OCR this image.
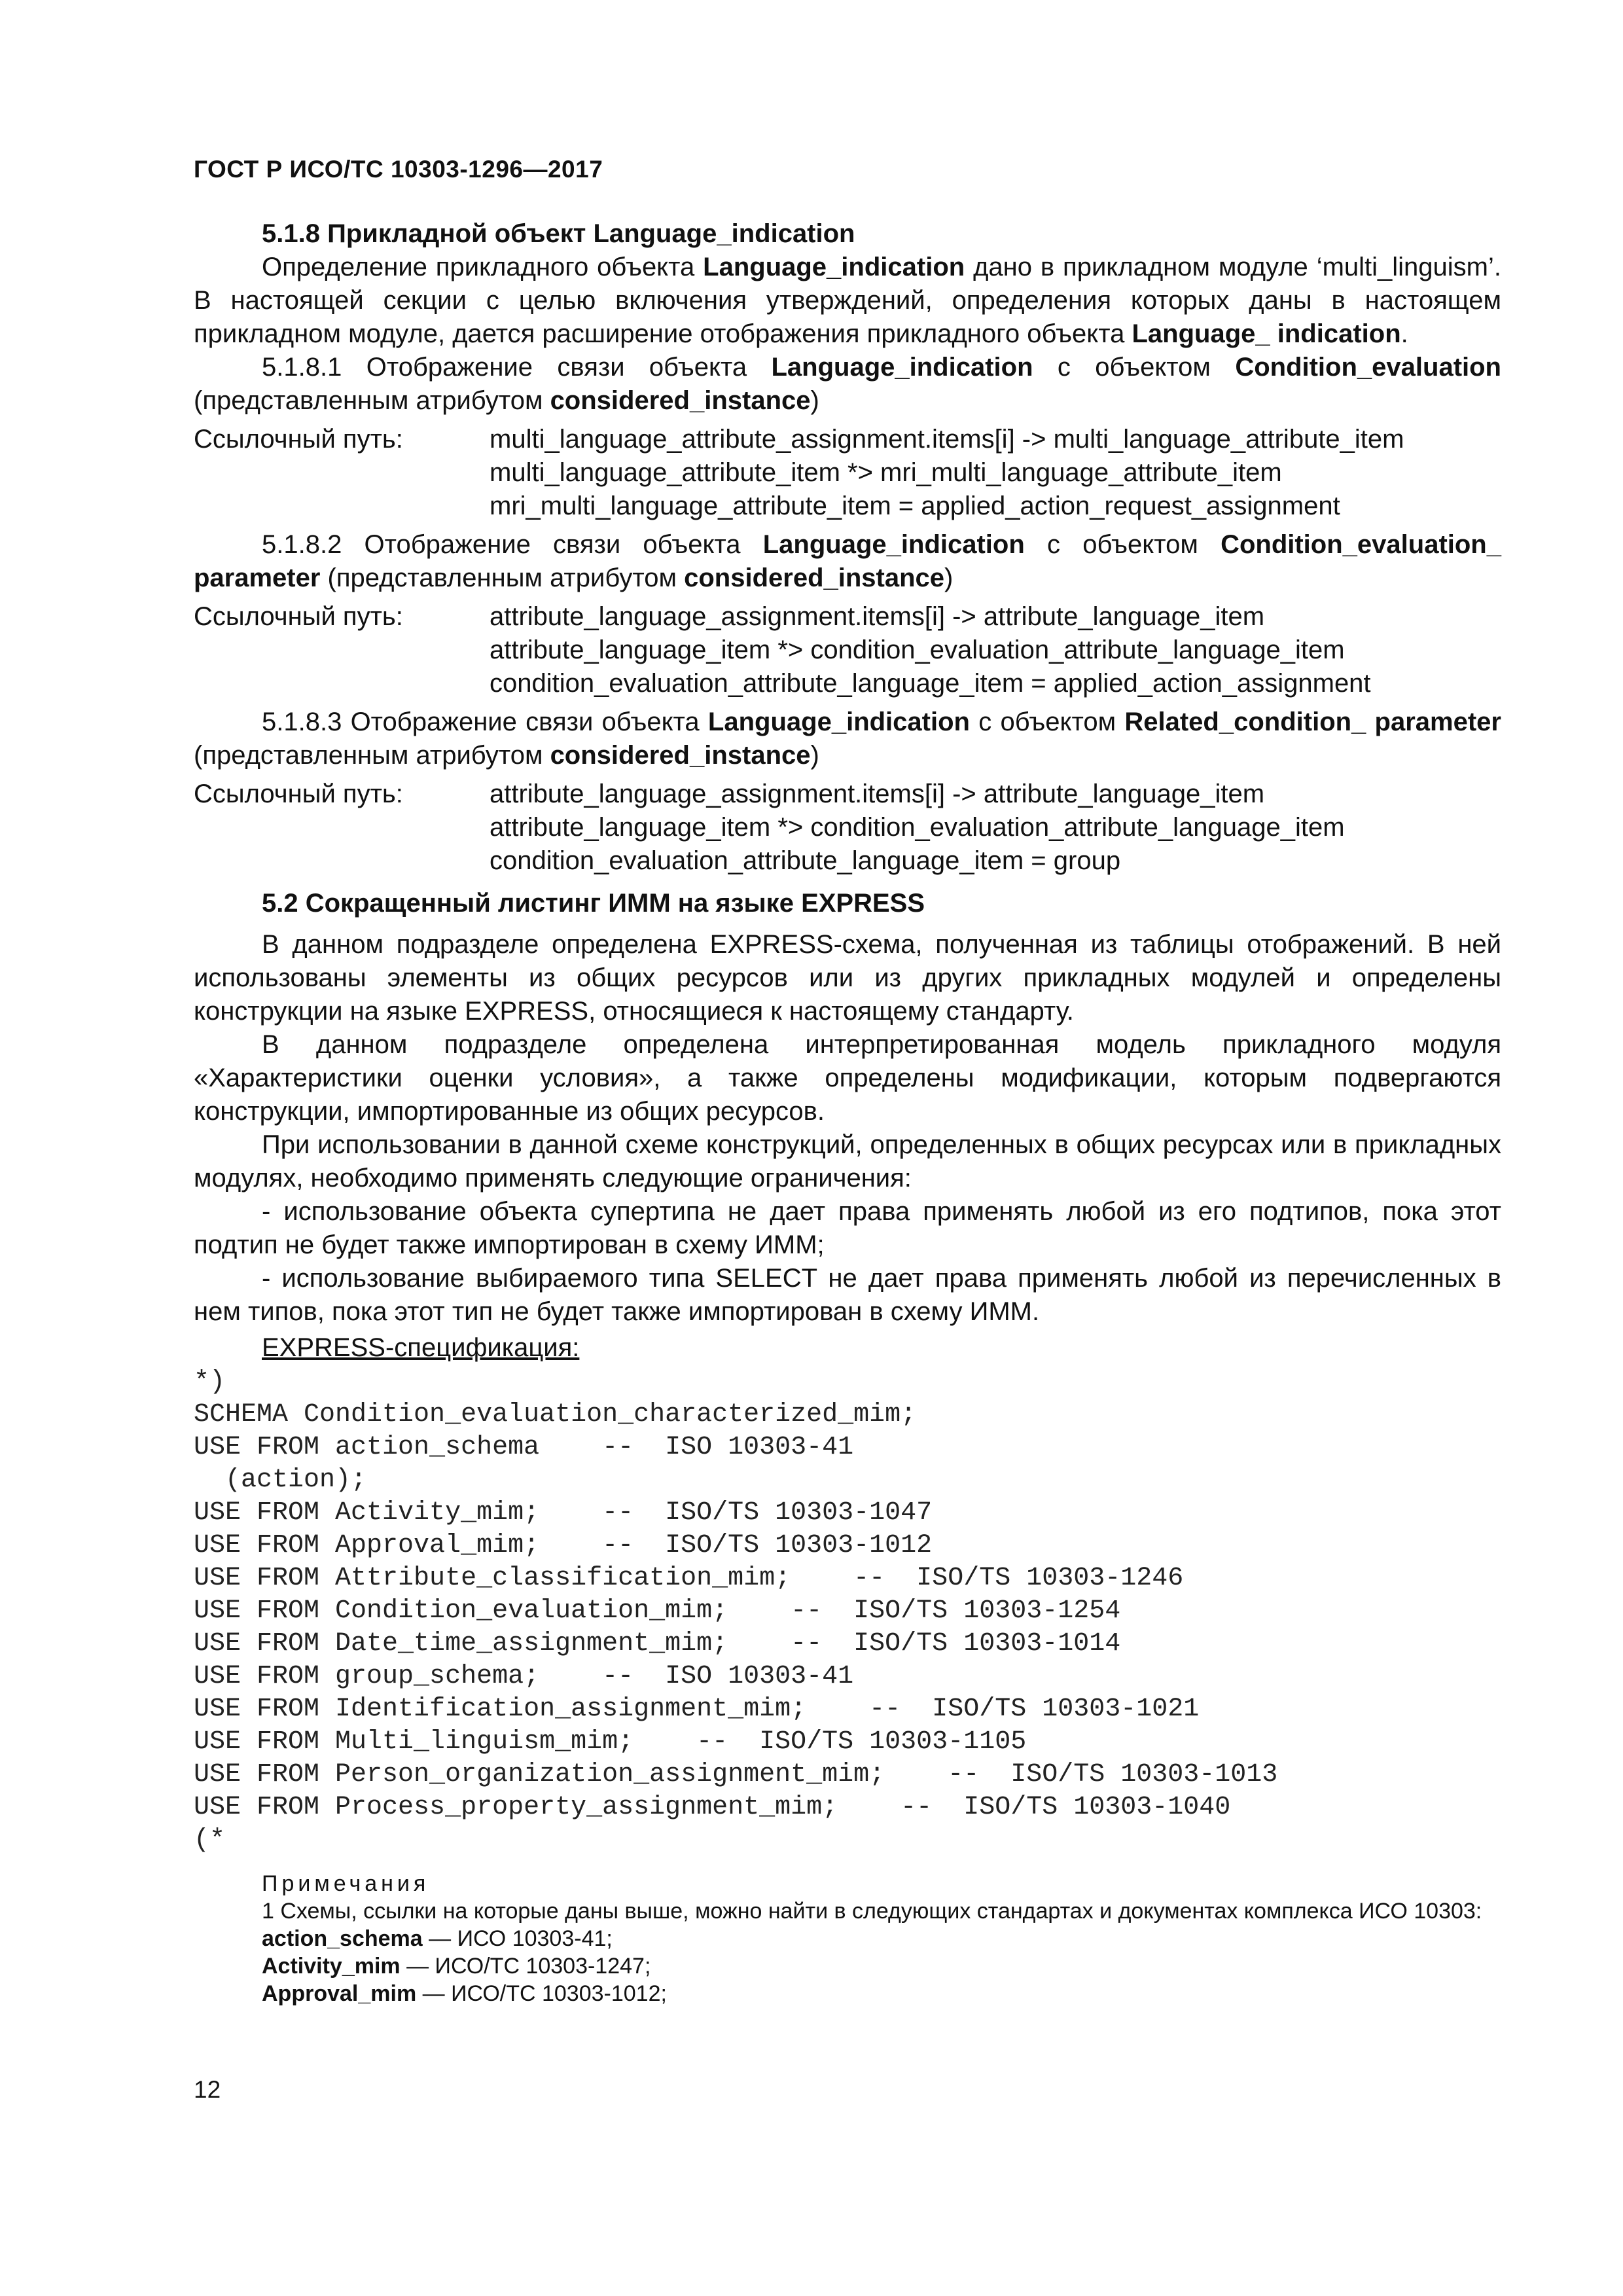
ГОСТ Р ИСО/ТС 10303-1296—2017

5.1.8 Прикладной объект Language_indication

Определение прикладного объекта Language_indication дано в прикладном модуле ‘multi_linguism’. В настоящей секции с целью включения утверждений, определения которых даны в настоящем прикладном модуле, дается расширение отображения прикладного объекта Language_ indication.

5.1.8.1 Отображение связи объекта Language_indication с объектом Condition_evaluation (представленным атрибутом considered_instance)

Ссылочный путь:	multi_language_attribute_assignment.items[i] -> multi_language_attribute_item
multi_language_attribute_item *> mri_multi_language_attribute_item
mri_multi_language_attribute_item = applied_action_request_assignment

5.1.8.2 Отображение связи объекта Language_indication с объектом Condition_evaluation_ parameter (представленным атрибутом considered_instance)

Ссылочный путь:	attribute_language_assignment.items[i] -> attribute_language_item
attribute_language_item *> condition_evaluation_attribute_language_item
condition_evaluation_attribute_language_item = applied_action_assignment

5.1.8.3 Отображение связи объекта Language_indication с объектом Related_condition_ parameter (представленным атрибутом considered_instance)

Ссылочный путь:	attribute_language_assignment.items[i] -> attribute_language_item
attribute_language_item *> condition_evaluation_attribute_language_item
condition_evaluation_attribute_language_item = group

5.2 Сокращенный листинг ИММ на языке EXPRESS

В данном подразделе определена EXPRESS-схема, полученная из таблицы отображений. В ней использованы элементы из общих ресурсов или из других прикладных модулей и определены конструкции на языке EXPRESS, относящиеся к настоящему стандарту.

В данном подразделе определена интерпретированная модель прикладного модуля «Характеристики оценки условия», а также определены модификации, которым подвергаются конструкции, импортированные из общих ресурсов.

При использовании в данной схеме конструкций, определенных в общих ресурсах или в прикладных модулях, необходимо применять следующие ограничения:

- использование объекта супертипа не дает права применять любой из его подтипов, пока этот подтип не будет также импортирован в схему ИММ;

- использование выбираемого типа SELECT не дает права применять любой из перечисленных в нем типов, пока этот тип не будет также импортирован в схему ИММ.

EXPRESS-спецификация:

*)
SCHEMA Condition_evaluation_characterized_mim;
USE FROM action_schema    --  ISO 10303-41
(action);
USE FROM Activity_mim;    --  ISO/TS 10303-1047
USE FROM Approval_mim;    --  ISO/TS 10303-1012
USE FROM Attribute_classification_mim;    --  ISO/TS 10303-1246
USE FROM Condition_evaluation_mim;    --  ISO/TS 10303-1254
USE FROM Date_time_assignment_mim;    --  ISO/TS 10303-1014
USE FROM group_schema;    --  ISO 10303-41
USE FROM Identification_assignment_mim;    --  ISO/TS 10303-1021
USE FROM Multi_linguism_mim;    --  ISO/TS 10303-1105
USE FROM Person_organization_assignment_mim;    --  ISO/TS 10303-1013
USE FROM Process_property_assignment_mim;    --  ISO/TS 10303-1040
(*

Примечания

1 Схемы, ссылки на которые даны выше, можно найти в следующих стандартах и документах комплекса ИСО 10303:

action_schema — ИСО 10303-41;

Activity_mim — ИСО/ТС 10303-1247;

Approval_mim — ИСО/ТС 10303-1012;

12
